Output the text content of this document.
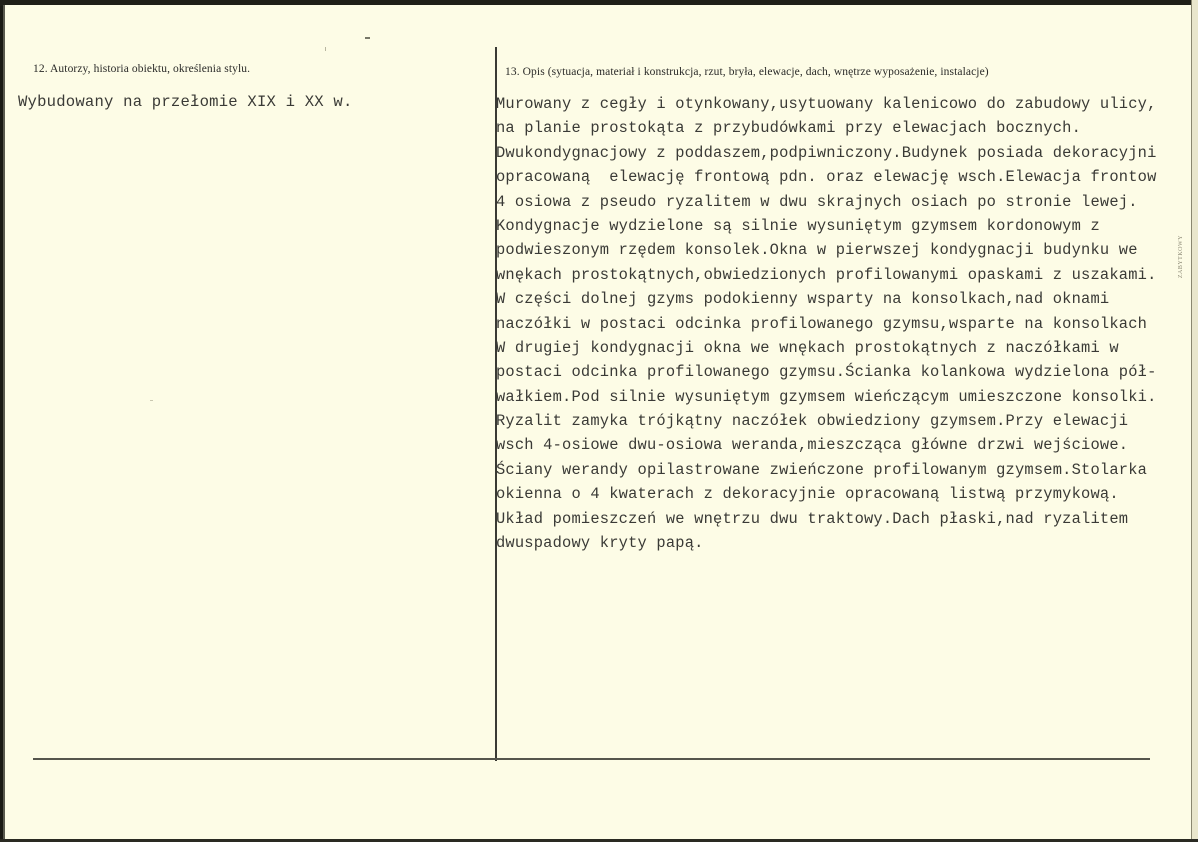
12. Autorzy, historia obiektu, określenia stylu.
Wybudowany na przełomie XIX i XX w.
13. Opis (sytuacja, materiał i konstrukcja, rzut, bryła, elewacje, dach, wnętrze wyposażenie, instalacje)
Murowany z cegły i otynkowany,usytuowany kalenicowo do zabudowy ulicy,
na planie prostokąta z przybudówkami przy elewacjach bocznych.
Dwukondygnacjowy z poddaszem,podpiwniczony.Budynek posiada dekoracyjni
opracowaną  elewację frontową pdn. oraz elewację wsch.Elewacja frontow
4 osiowa z pseudo ryzalitem w dwu skrajnych osiach po stronie lewej.
Kondygnacje wydzielone są silnie wysuniętym gzymsem kordonowym z
podwieszonym rzędem konsolek.Okna w pierwszej kondygnacji budynku we
wnękach prostokątnych,obwiedzionych profilowanymi opaskami z uszakami.
W części dolnej gzyms podokienny wsparty na konsolkach,nad oknami
naczółki w postaci odcinka profilowanego gzymsu,wsparte na konsolkach
W drugiej kondygnacji okna we wnękach prostokątnych z naczółkami w
postaci odcinka profilowanego gzymsu.Ścianka kolankowa wydzielona pół-
wałkiem.Pod silnie wysuniętym gzymsem wieńczącym umieszczone konsolki.
Ryzalit zamyka trójkątny naczółek obwiedziony gzymsem.Przy elewacji
wsch 4-osiowe dwu-osiowa weranda,mieszcząca główne drzwi wejściowe.
Ściany werandy opilastrowane zwieńczone profilowanym gzymsem.Stolarka
okienna o 4 kwaterach z dekoracyjnie opracowaną listwą przymykową.
Układ pomieszczeń we wnętrzu dwu traktowy.Dach płaski,nad ryzalitem
dwuspadowy kryty papą.
ZABYTKOWY
